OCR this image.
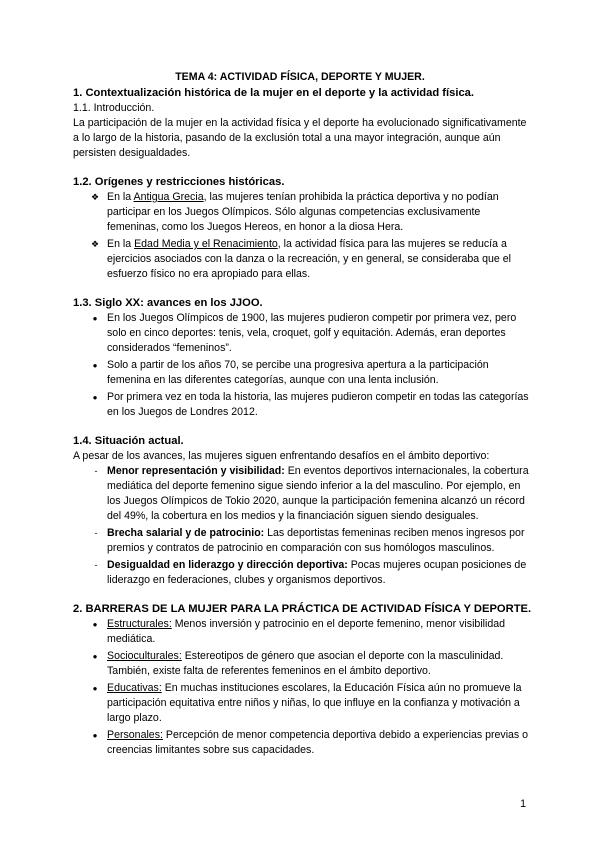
TEMA 4: ACTIVIDAD FÍSICA, DEPORTE Y MUJER.

1. Contextualización histórica de la mujer en el deporte y la actividad física.

1.1. Introducción.

La participación de la mujer en la actividad física y el deporte ha evolucionado significativamente a lo largo de la historia, pasando de la exclusión total a una mayor integración, aunque aún persisten desigualdades.

1.2. Orígenes y restricciones históricas.

❖ En la Antigua Grecia, las mujeres tenían prohibida la práctica deportiva y no podían participar en los Juegos Olímpicos. Sólo algunas competencias exclusivamente femeninas, como los Juegos Hereos, en honor a la diosa Hera.
❖ En la Edad Media y el Renacimiento, la actividad física para las mujeres se reducía a ejercicios asociados con la danza o la recreación, y en general, se consideraba que el esfuerzo físico no era apropiado para ellas.

1.3. Siglo XX: avances en los JJOO.

● En los Juegos Olímpicos de 1900, las mujeres pudieron competir por primera vez, pero solo en cinco deportes: tenis, vela, croquet, golf y equitación. Además, eran deportes considerados “femeninos”.
● Solo a partir de los años 70, se percibe una progresiva apertura a la participación femenina en las diferentes categorías, aunque con una lenta inclusión.
● Por primera vez en toda la historia, las mujeres pudieron competir en todas las categorías en los Juegos de Londres 2012.

1.4. Situación actual.

A pesar de los avances, las mujeres siguen enfrentando desafíos en el ámbito deportivo:

- Menor representación y visibilidad: En eventos deportivos internacionales, la cobertura mediática del deporte femenino sigue siendo inferior a la del masculino. Por ejemplo, en los Juegos Olímpicos de Tokio 2020, aunque la participación femenina alcanzó un récord del 49%, la cobertura en los medios y la financiación siguen siendo desiguales.
- Brecha salarial y de patrocinio: Las deportistas femeninas reciben menos ingresos por premios y contratos de patrocinio en comparación con sus homólogos masculinos.
- Desigualdad en liderazgo y dirección deportiva: Pocas mujeres ocupan posiciones de liderazgo en federaciones, clubes y organismos deportivos.

2. BARRERAS DE LA MUJER PARA LA PRÁCTICA DE ACTIVIDAD FÍSICA Y DEPORTE.

● Estructurales: Menos inversión y patrocinio en el deporte femenino, menor visibilidad mediática.
● Socioculturales: Estereotipos de género que asocian el deporte con la masculinidad. También, existe falta de referentes femeninos en el ámbito deportivo.
● Educativas: En muchas instituciones escolares, la Educación Física aún no promueve la participación equitativa entre niños y niñas, lo que influye en la confianza y motivación a largo plazo.
● Personales: Percepción de menor competencia deportiva debido a experiencias previas o creencias limitantes sobre sus capacidades.
1
